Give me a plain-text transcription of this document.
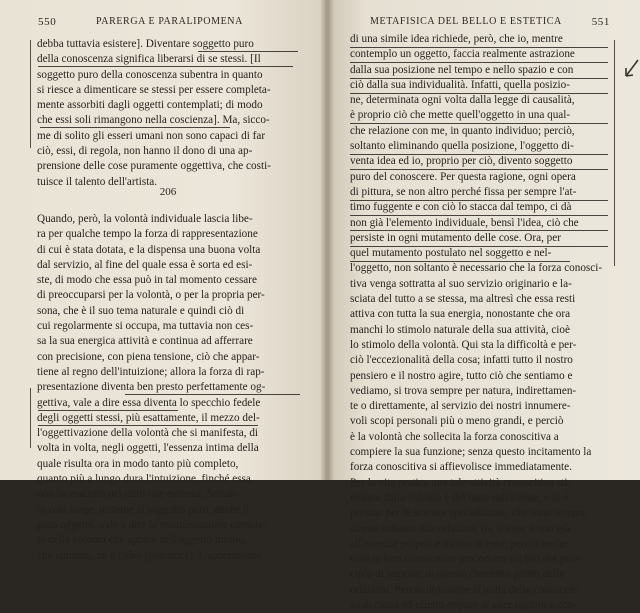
550	PARERGA E PARALIPOMENA
debba tuttavia esistere]. Diventare soggetto puro
della conoscenza significa liberarsi di se stessi. [Il
soggetto puro della conoscenza subentra in quanto
si riesce a dimenticare se stessi per essere completa-
mente assorbiti dagli oggetti contemplati; di modo
che essi soli rimangono nella coscienza]. Ma, sicco-
me di solito gli esseri umani non sono capaci di far
ciò, essi, di regola, non hanno il dono di una ap-
prensione delle cose puramente oggettiva, che costi-
tuisce il talento dell'artista.
206
Quando, però, la volontà individuale lascia libe-
ra per qualche tempo la forza di rappresentazione
di cui è stata dotata, e la dispensa una buona volta
dal servizio, al fine del quale essa è sorta ed esi-
ste, di modo che essa può in tal momento cessare
di preoccuparsi per la volontà, o per la propria per-
sona, che è il suo tema naturale e quindi ciò di
cui regolarmente si occupa, ma tuttavia non ces-
sa la sua energica attività e continua ad afferrare
con precisione, con piena tensione, ciò che appar-
tiene al regno dell'intuizione; allora la forza di rap-
presentazione diventa ben presto perfettamente og-
gettiva, vale a dire essa diventa lo specchio fedele
degli oggetti stessi, più esattamente, il mezzo del-
l'oggettivazione della volontà che si manifesta, di
volta in volta, negli oggetti, l'essenza intima della
quale risulta ora in modo tanto più completo,
quanto più a lungo dura l'intuizione, finché essa
non ha esaurito del tutto tale essenza. Soltan-
to così sorge, insieme al soggetto puro, anche il
puro oggetto, vale a dire la manifestazione comple-
ta della volontà che appare nell'oggetto intuito,
che appunto, ne è l'idea (platonica). L'apprensione
METAFISICA DEL BELLO E ESTETICA	551
di una simile idea richiede, però, che io, mentre
contemplo un oggetto, faccia realmente astrazione
dalla sua posizione nel tempo e nello spazio e con
ciò dalla sua individualità. Infatti, quella posizio-
ne, determinata ogni volta dalla legge di causalità,
è proprio ciò che mette quell'oggetto in una qual-
che relazione con me, in quanto individuo; perciò,
soltanto eliminando quella posizione, l'oggetto di-
venta idea ed io, proprio per ciò, divento soggetto
puro del conoscere. Per questa ragione, ogni opera
di pittura, se non altro perché fissa per sempre l'at-
timo fuggente e con ciò lo stacca dal tempo, ci dà
non già l'elemento individuale, bensì l'idea, ciò che
persiste in ogni mutamento delle cose. Ora, per
quel mutamento postulato nel soggetto e nel-
l'oggetto, non soltanto è necessario che la forza conosci-
tiva venga sottratta al suo servizio originario e la-
sciata del tutto a se stessa, ma altresì che essa resti
attiva con tutta la sua energia, nonostante che ora
manchi lo stimolo naturale della sua attività, cioè
lo stimolo della volontà. Qui sta la difficoltà e per-
ciò l'eccezionalità della cosa; infatti tutto il nostro
pensiero e il nostro agire, tutto ciò che sentiamo e
vediamo, si trova sempre per natura, indirettamen-
te o direttamente, al servizio dei nostri innumere-
voli scopi personali più o meno grandi, e perciò
è la volontà che sollecita la forza conoscitiva a
compiere la sua funzione; senza questo incitamento la
forza conoscitiva si affievolisce immediatamente.
Per la vita pratica una tale attività conoscitiva sti-
molata dalla volontà è del tutto sufficiente, e lo è
persino per le scienze specializzate, che sono sempre
dirette soltanto alle relazioni fra le cose e non già
all'essenza propria e intima di esse; perciò anche
tutte le loro conoscenze procedono sul filo del prin-
cipio di ragione, di questo elemento primo delle
relazioni. Perciò dovunque si tratta della conoscen-
za di causa ed effetto oppure di altre ragioni e con-
